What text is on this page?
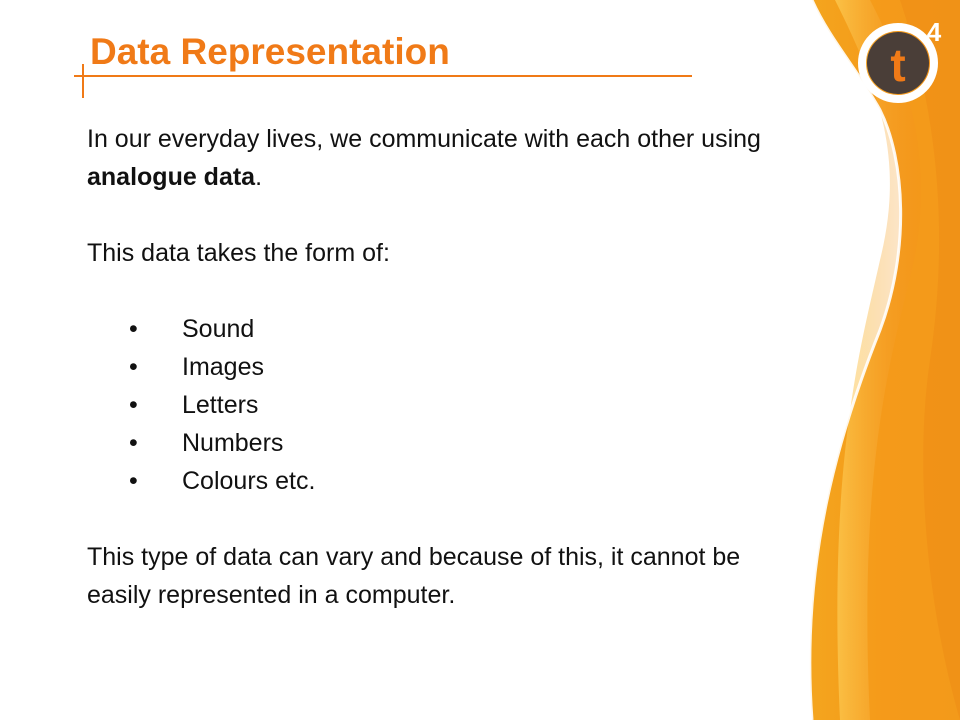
t
4
Data Representation

In our everyday lives, we communicate with each other using analogue data.

This data takes the form of:

• Sound
• Images
• Letters
• Numbers
• Colours etc.

This type of data can vary and because of this, it cannot be easily represented in a computer.
